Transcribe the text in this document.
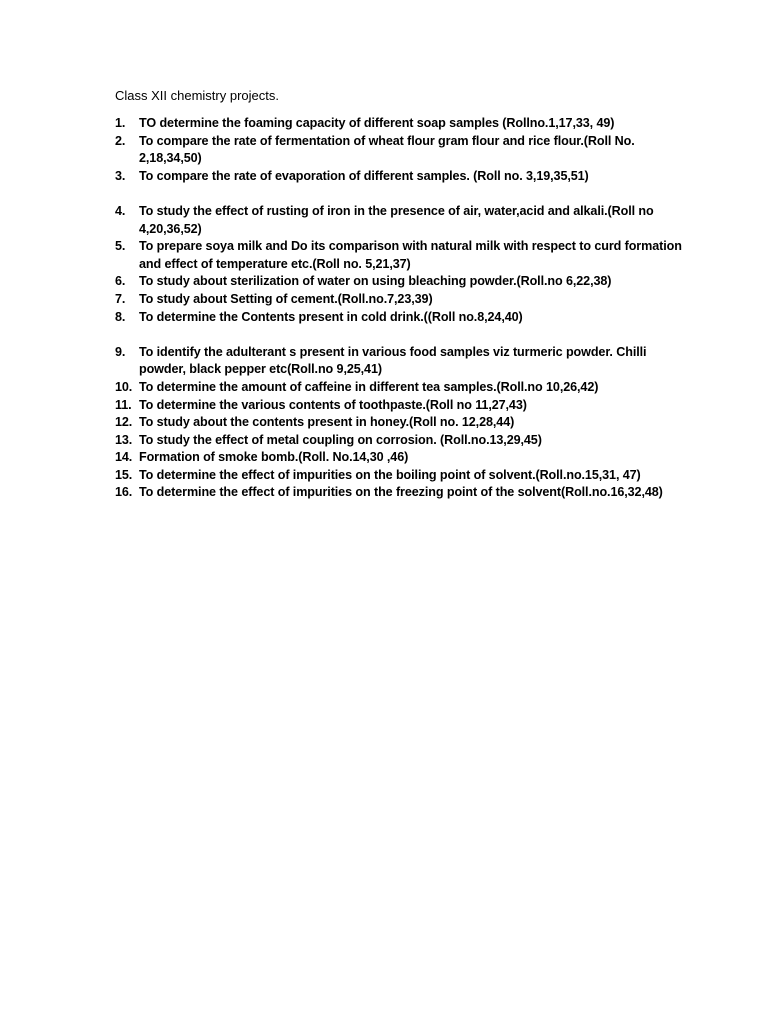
Class XII chemistry projects.
1.	TO determine the foaming capacity of different soap samples (Rollno.1,17,33, 49)
2.	To compare the rate of fermentation of wheat flour gram flour and rice flour.(Roll No. 2,18,34,50)
3.	To compare the rate of evaporation of different samples. (Roll no. 3,19,35,51)
4.	To study the effect of rusting of iron in the presence of air, water,acid and alkali.(Roll no 4,20,36,52)
5.	To prepare soya milk and Do its comparison with natural milk with respect to curd formation and effect of temperature etc.(Roll no. 5,21,37)
6.	To study about sterilization of water on using bleaching powder.(Roll.no 6,22,38)
7.	To study about Setting of cement.(Roll.no.7,23,39)
8.	To determine the Contents present in cold drink.((Roll no.8,24,40)
9.	To identify the adulterant s present in various food samples viz turmeric powder. Chilli powder, black pepper etc(Roll.no 9,25,41)
10. To determine the amount of caffeine in different tea samples.(Roll.no 10,26,42)
11. To determine the various contents of toothpaste.(Roll no 11,27,43)
12. To study about the contents present in honey.(Roll no. 12,28,44)
13. To study the effect of metal coupling on corrosion. (Roll.no.13,29,45)
14. Formation of smoke bomb.(Roll. No.14,30 ,46)
15. To determine the effect of impurities on the boiling point of solvent.(Roll.no.15,31, 47)
16. To determine the effect of impurities on the freezing point of the solvent(Roll.no.16,32,48)
